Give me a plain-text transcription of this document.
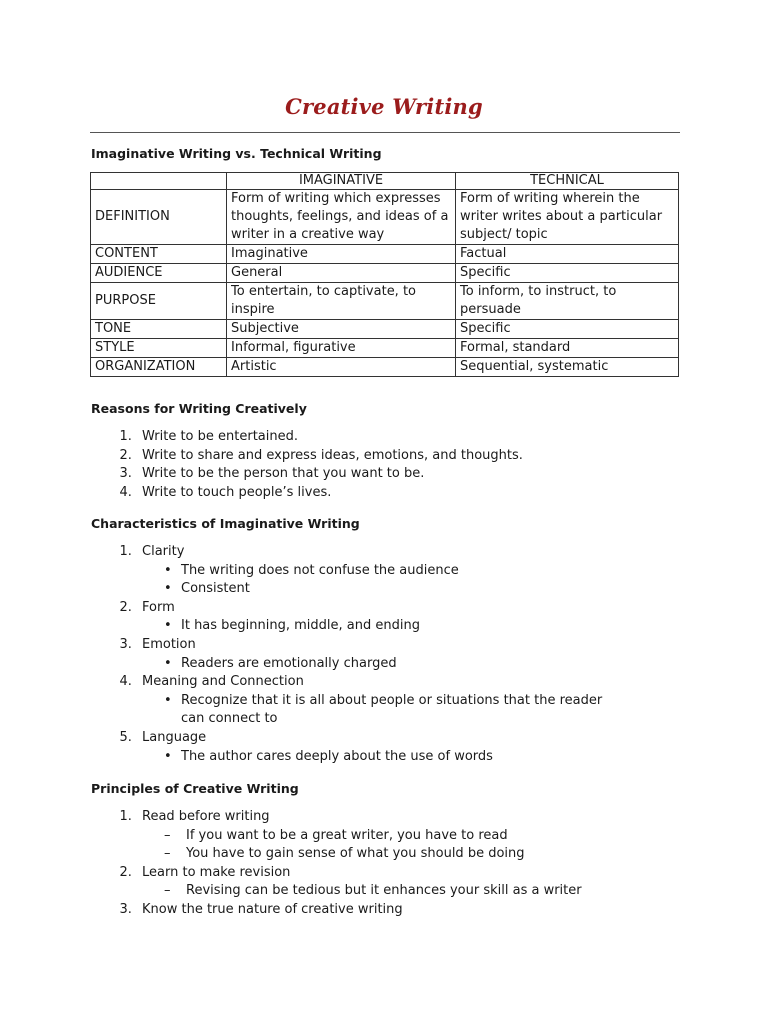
Creative Writing
Imaginative Writing vs. Technical Writing
	IMAGINATIVE	TECHNICAL
DEFINITION	Form of writing which expresses thoughts, feelings, and ideas of a writer in a creative way	Form of writing wherein the writer writes about a particular subject/ topic
CONTENT	Imaginative	Factual
AUDIENCE	General	Specific
PURPOSE	To entertain, to captivate, to inspire	To inform, to instruct, to persuade
TONE	Subjective	Specific
STYLE	Informal, figurative	Formal, standard
ORGANIZATION	Artistic	Sequential, systematic
Reasons for Writing Creatively
1. Write to be entertained.
2. Write to share and express ideas, emotions, and thoughts.
3. Write to be the person that you want to be.
4. Write to touch people’s lives.
Characteristics of Imaginative Writing
1. Clarity
• The writing does not confuse the audience
• Consistent
2. Form
• It has beginning, middle, and ending
3. Emotion
• Readers are emotionally charged
4. Meaning and Connection
• Recognize that it is all about people or situations that the reader can connect to
5. Language
• The author cares deeply about the use of words
Principles of Creative Writing
1. Read before writing
– If you want to be a great writer, you have to read
– You have to gain sense of what you should be doing
2. Learn to make revision
– Revising can be tedious but it enhances your skill as a writer
3. Know the true nature of creative writing
